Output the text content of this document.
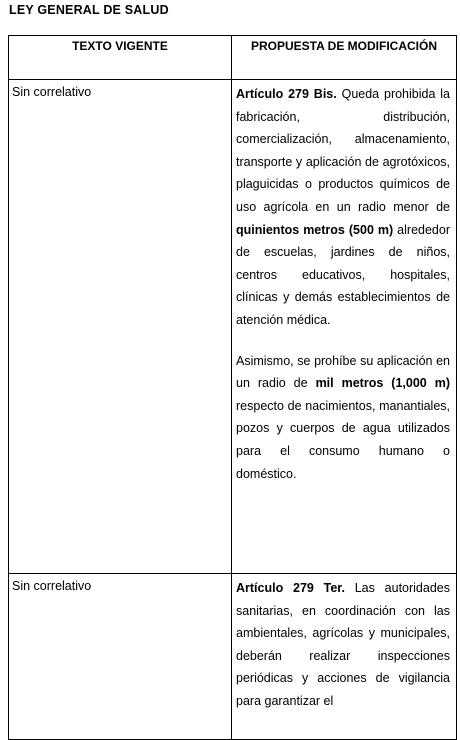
LEY GENERAL DE SALUD
TEXTO VIGENTE	PROPUESTA DE MODIFICACIÓN
Sin correlativo	Artículo 279 Bis. Queda prohibida la fabricación, distribución, comercialización, almacenamiento, transporte y aplicación de agrotóxicos, plaguicidas o productos químicos de uso agrícola en un radio menor de quinientos metros (500 m) alrededor de escuelas, jardines de niños, centros educativos, hospitales, clínicas y demás establecimientos de atención médica.

Asimismo, se prohíbe su aplicación en un radio de mil metros (1,000 m) respecto de nacimientos, manantiales, pozos y cuerpos de agua utilizados para el consumo humano o doméstico.

Sin correlativo	Artículo 279 Ter. Las autoridades sanitarias, en coordinación con las ambientales, agrícolas y municipales, deberán realizar inspecciones periódicas y acciones de vigilancia para garantizar el
